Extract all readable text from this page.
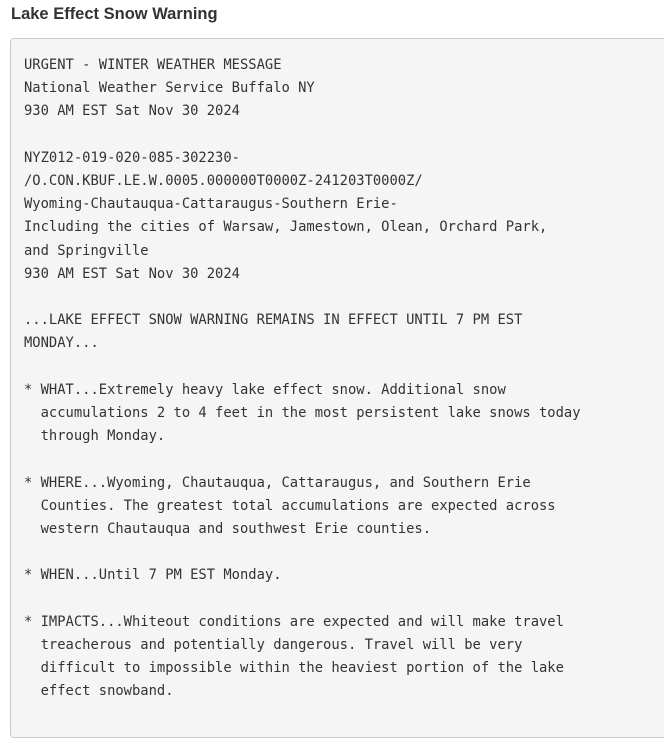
Lake Effect Snow Warning
URGENT - WINTER WEATHER MESSAGE
National Weather Service Buffalo NY
930 AM EST Sat Nov 30 2024

NYZ012-019-020-085-302230-
/O.CON.KBUF.LE.W.0005.000000T0000Z-241203T0000Z/
Wyoming-Chautauqua-Cattaraugus-Southern Erie-
Including the cities of Warsaw, Jamestown, Olean, Orchard Park,
and Springville
930 AM EST Sat Nov 30 2024

...LAKE EFFECT SNOW WARNING REMAINS IN EFFECT UNTIL 7 PM EST
MONDAY...

* WHAT...Extremely heavy lake effect snow. Additional snow
accumulations 2 to 4 feet in the most persistent lake snows today
through Monday.

* WHERE...Wyoming, Chautauqua, Cattaraugus, and Southern Erie
Counties. The greatest total accumulations are expected across
western Chautauqua and southwest Erie counties.

* WHEN...Until 7 PM EST Monday.

* IMPACTS...Whiteout conditions are expected and will make travel
treacherous and potentially dangerous. Travel will be very
difficult to impossible within the heaviest portion of the lake
effect snowband.
